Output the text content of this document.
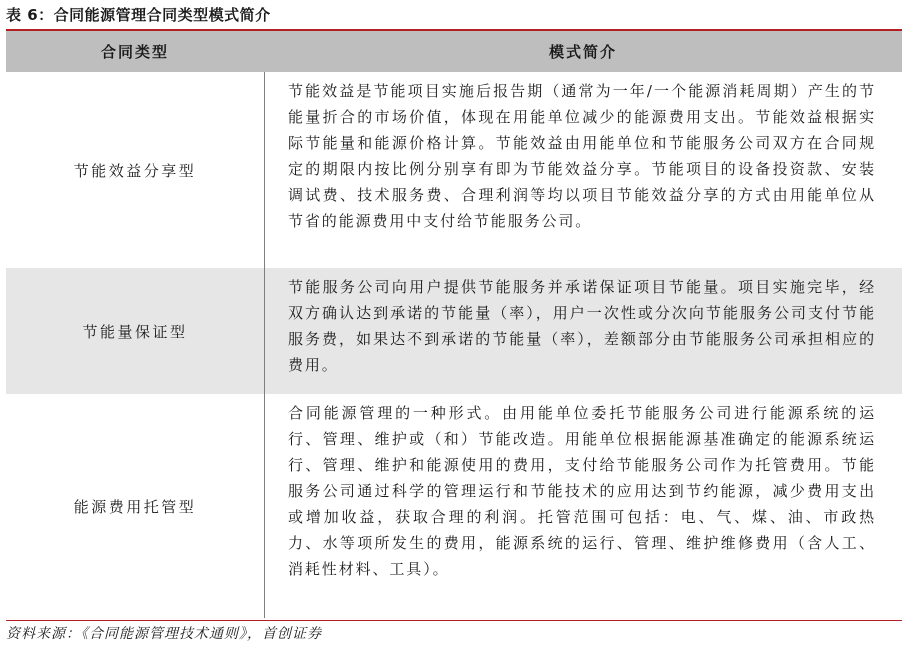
表 6：合同能源管理合同类型模式简介
合同类型	模式简介
节能效益分享型
节能效益是节能项目实施后报告期（通常为一年/一个能源消耗周期）产生的节能量折合的市场价值，体现在用能单位减少的能源费用支出。节能效益根据实际节能量和能源价格计算。节能效益由用能单位和节能服务公司双方在合同规定的期限内按比例分别享有即为节能效益分享。节能项目的设备投资款、安装调试费、技术服务费、合理利润等均以项目节能效益分享的方式由用能单位从节省的能源费用中支付给节能服务公司。
节能量保证型
节能服务公司向用户提供节能服务并承诺保证项目节能量。项目实施完毕，经双方确认达到承诺的节能量（率），用户一次性或分次向节能服务公司支付节能服务费，如果达不到承诺的节能量（率），差额部分由节能服务公司承担相应的费用。
能源费用托管型
合同能源管理的一种形式。由用能单位委托节能服务公司进行能源系统的运行、管理、维护或（和）节能改造。用能单位根据能源基准确定的能源系统运行、管理、维护和能源使用的费用，支付给节能服务公司作为托管费用。节能服务公司通过科学的管理运行和节能技术的应用达到节约能源，减少费用支出或增加收益，获取合理的利润。托管范围可包括：电、气、煤、油、市政热力、水等项所发生的费用，能源系统的运行、管理、维护维修费用（含人工、消耗性材料、工具）。
资料来源：《合同能源管理技术通则》，首创证券
